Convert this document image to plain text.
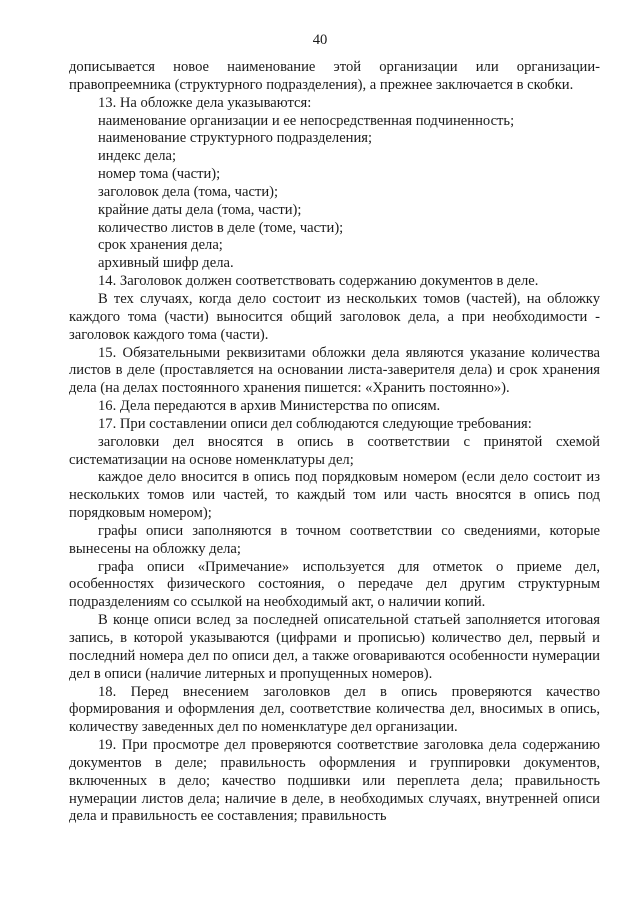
40

дописывается новое наименование этой организации или организации-правопреемника (структурного подразделения), а прежнее заключается в скобки.

13. На обложке дела указываются:

наименование организации и ее непосредственная подчиненность;

наименование структурного подразделения;

индекс дела;

номер тома (части);

заголовок дела (тома, части);

крайние даты дела (тома, части);

количество листов в деле (томе, части);

срок хранения дела;

архивный шифр дела.

14. Заголовок должен соответствовать содержанию документов в деле.

В тех случаях, когда дело состоит из нескольких томов (частей), на обложку каждого тома (части) выносится общий заголовок дела, а при необходимости - заголовок каждого тома (части).

15. Обязательными реквизитами обложки дела являются указание количества листов в деле (проставляется на основании листа-заверителя дела) и срок хранения дела (на делах постоянного хранения пишется: «Хранить постоянно»).

16. Дела передаются в архив Министерства по описям.

17. При составлении описи дел соблюдаются следующие требования:

заголовки дел вносятся в опись в соответствии с принятой схемой систематизации на основе номенклатуры дел;

каждое дело вносится в опись под порядковым номером (если дело состоит из нескольких томов или частей, то каждый том или часть вносятся в опись под порядковым номером);

графы описи заполняются в точном соответствии со сведениями, которые вынесены на обложку дела;

графа описи «Примечание» используется для отметок о приеме дел, особенностях физического состояния, о передаче дел другим структурным подразделениям со ссылкой на необходимый акт, о наличии копий.

В конце описи вслед за последней описательной статьей заполняется итоговая запись, в которой указываются (цифрами и прописью) количество дел, первый и последний номера дел по описи дел, а также оговариваются особенности нумерации дел в описи (наличие литерных и пропущенных номеров).

18. Перед внесением заголовков дел в опись проверяются качество формирования и оформления дел, соответствие количества дел, вносимых в опись, количеству заведенных дел по номенклатуре дел организации.

19. При просмотре дел проверяются соответствие заголовка дела содержанию документов в деле; правильность оформления и группировки документов, включенных в дело; качество подшивки или переплета дела; правильность нумерации листов дела; наличие в деле, в необходимых случаях, внутренней описи дела и правильность ее составления; правильность
